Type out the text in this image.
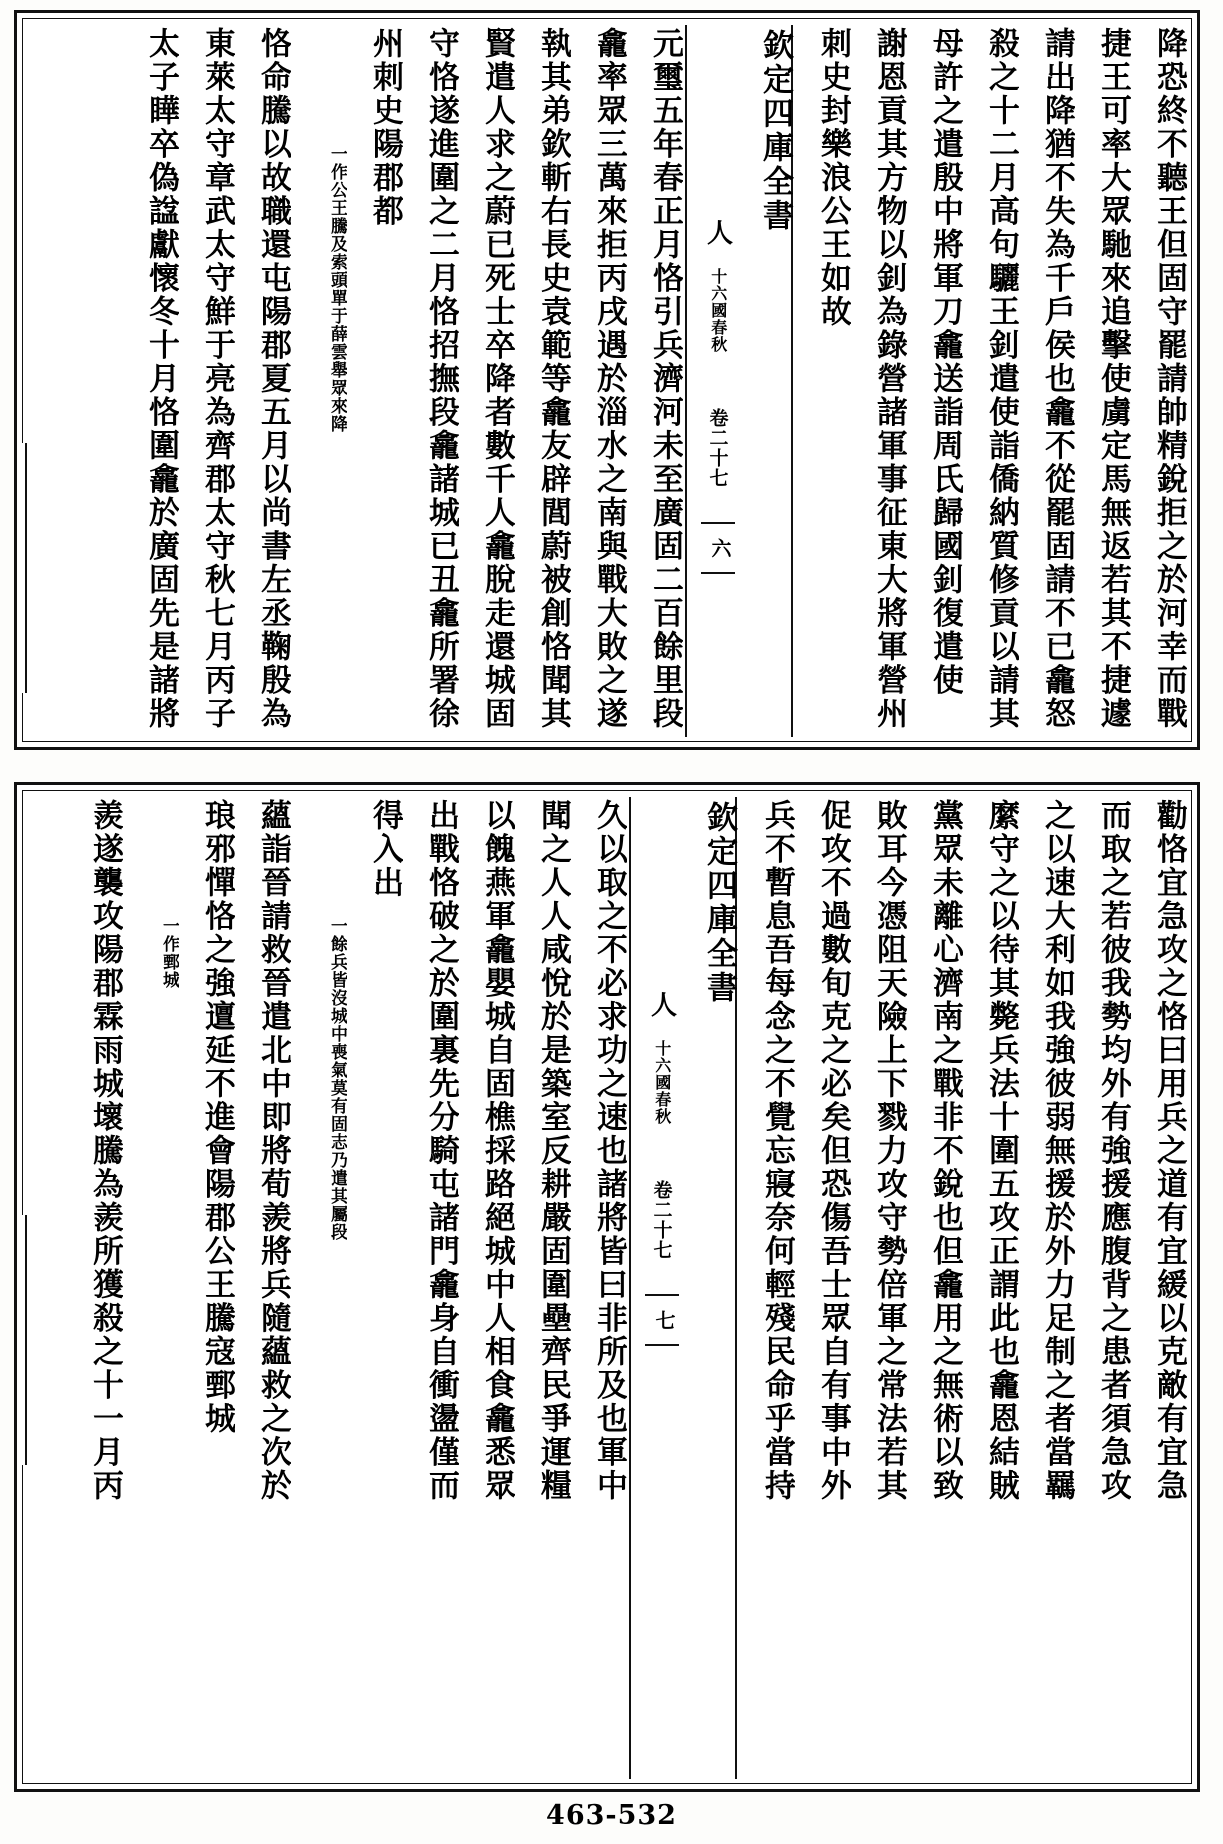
降恐終不聽王但固守罷請帥精銳拒之於河幸而戰
捷王可率大眾馳來追擊使虜定馬無返若其不捷遽
請出降猶不失為千戶侯也龕不從罷固請不已龕怒
殺之十二月高句驪王釗遣使詣僑納質修貢以請其
母許之遣殷中將軍刀龕送詣周氏歸國釗復遣使
謝恩貢其方物以釗為錄營諸軍事征東大將軍營州
刺史封樂浪公王如故
欽定四庫全書
人
十六國春秋
卷二十七
六
元璽五年春正月恪引兵濟河未至廣固二百餘里段
龕率眾三萬來拒丙戌遇於淄水之南與戰大敗之遂
執其弟欽斬右長史袁範等龕友辟閭蔚被創恪聞其
賢遣人求之蔚已死士卒降者數千人龕脫走還城固
守恪遂進圍之二月恪招撫段龕諸城已丑龕所署徐
州刺史陽郡都
一作公王騰及索頭單于薛雲舉眾來降
恪命騰以故職還屯陽郡夏五月以尚書左丞鞠殷為
東萊太守章武太守鮮于亮為齊郡太守秋七月丙子
太子瞱卒偽諡獻懷冬十月恪圍龕於廣固先是諸將
勸恪宜急攻之恪曰用兵之道有宜緩以克敵有宜急
而取之若彼我勢均外有強援應腹背之患者須急攻
之以速大利如我強彼弱無援於外力足制之者當羈
縻守之以待其斃兵法十圍五攻正謂此也龕恩結賊
黨眾未離心濟南之戰非不銳也但龕用之無術以致
敗耳今憑阻天險上下戮力攻守勢倍軍之常法若其
促攻不過數旬克之必矣但恐傷吾士眾自有事中外
兵不暫息吾每念之不覺忘寢奈何輕殘民命乎當持
欽定四庫全書
人
十六國春秋
卷二十七
七
久以取之不必求功之速也諸將皆曰非所及也軍中
聞之人人咸悅於是築室反耕嚴固圍壘齊民爭運糧
以餽燕軍龕嬰城自固樵採路絕城中人相食龕悉眾
出戰恪破之於圍裏先分騎屯諸門龕身自衝盪僅而
得入出
一餘兵皆沒城中喪氣莫有固志乃遣其屬段
蘊詣晉請救晉遣北中即將荀羨將兵隨蘊救之次於
琅邪憚恪之強邅延不進會陽郡公王騰寇鄄城
一作鄄城
羨遂襲攻陽郡霖雨城壞騰為羨所獲殺之十一月丙
463-532
